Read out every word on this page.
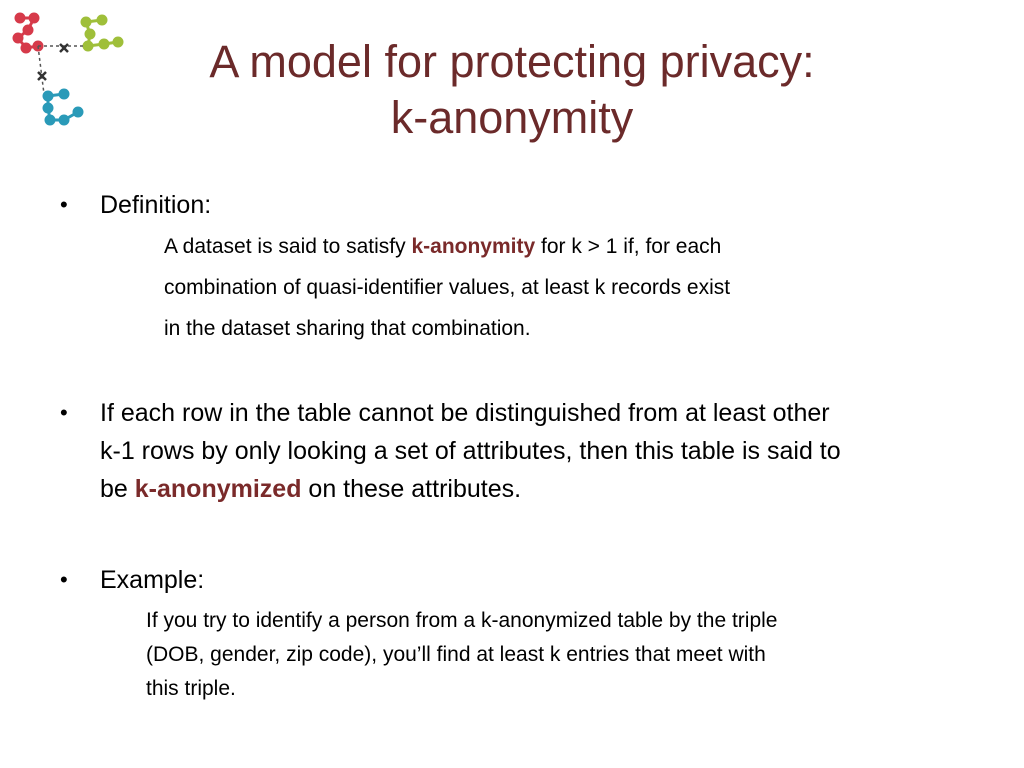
A model for protecting privacy:
k-anonymity
• Definition:
A dataset is said to satisfy k-anonymity for k > 1 if, for each
combination of quasi-identifier values, at least k records exist
in the dataset sharing that combination.
• If each row in the table cannot be distinguished from at least other
k-1 rows by only looking a set of attributes, then this table is said to
be k-anonymized on these attributes.
• Example:
If you try to identify a person from a k-anonymized table by the triple
(DOB, gender, zip code), you’ll find at least k entries that meet with
this triple.
